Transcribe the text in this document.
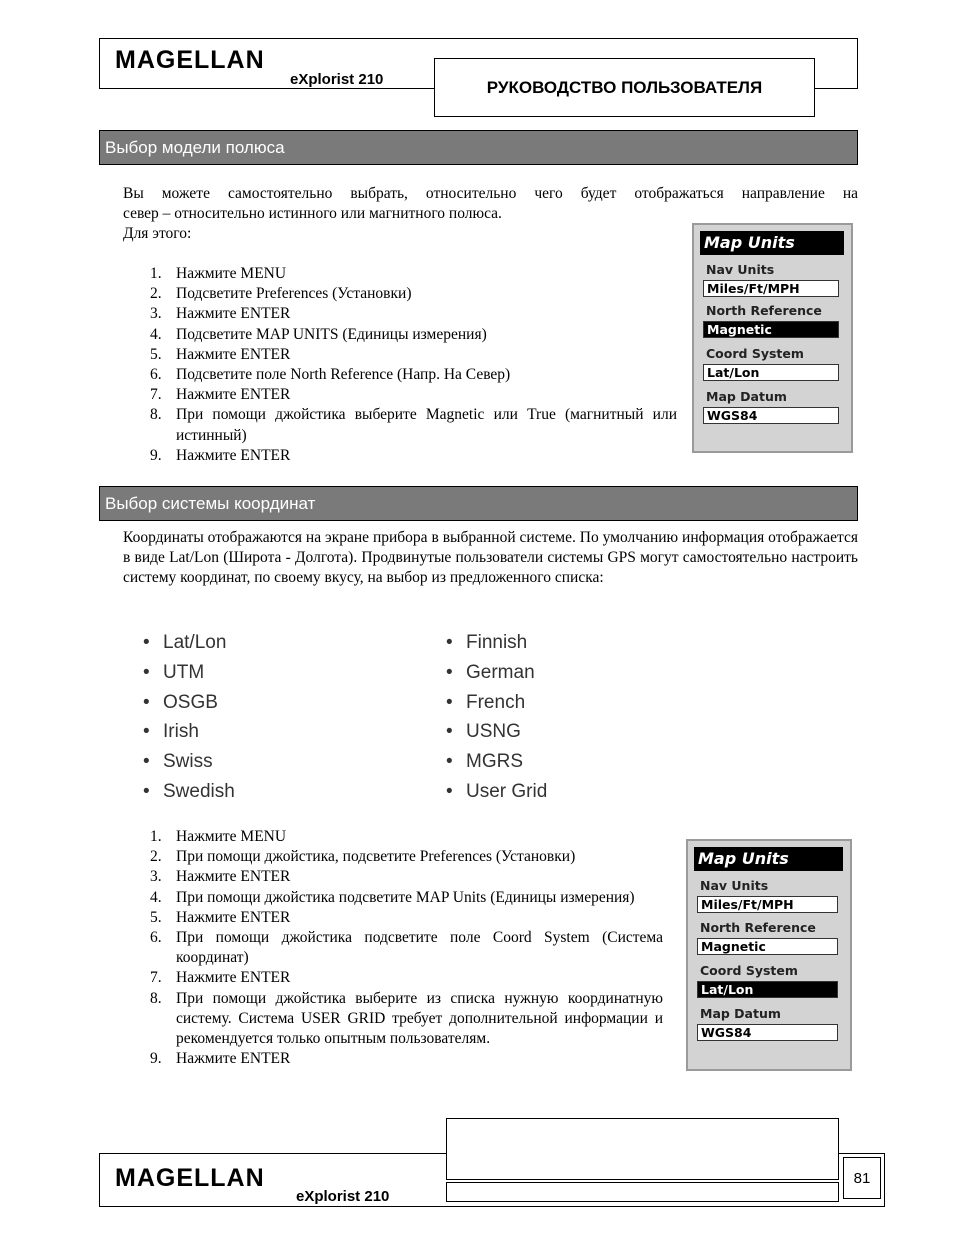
MAGELLAN
eXplorist 210	РУКОВОДСТВО ПОЛЬЗОВАТЕЛЯ
Выбор модели полюса
Вы можете самостоятельно выбрать, относительно чего будет отображаться направление на
север – относительно истинного или магнитного полюса.
Для этого:
1. Нажмите MENU
2. Подсветите Preferences (Установки)
3. Нажмите ENTER
4. Подсветите MAP UNITS (Единицы измерения)
5. Нажмите ENTER
6. Подсветите поле North Reference (Напр. На Север)
7. Нажмите ENTER
8. При помощи джойстика выберите Magnetic или True (магнитный или истинный)
9. Нажмите ENTER
Map Units
Nav Units
Miles/Ft/MPH
North Reference
Magnetic
Coord System
Lat/Lon
Map Datum
WGS84
Выбор системы координат
Координаты отображаются на экране прибора в выбранной системе. По умолчанию информация отображается в виде Lat/Lon (Широта - Долгота). Продвинутые пользователи системы GPS могут самостоятельно настроить систему координат, по своему вкусу, на выбор из предложенного списка:
• Lat/Lon
• UTM
• OSGB
• Irish
• Swiss
• Swedish
• Finnish
• German
• French
• USNG
• MGRS
• User Grid
1. Нажмите MENU
2. При помощи джойстика, подсветите Preferences (Установки)
3. Нажмите ENTER
4. При помощи джойстика подсветите MAP Units (Единицы измерения)
5. Нажмите ENTER
6. При помощи джойстика подсветите поле Coord System (Система координат)
7. Нажмите ENTER
8. При помощи джойстика выберите из списка нужную координатную систему. Система USER GRID требует дополнительной информации и рекомендуется только опытным пользователям.
9. Нажмите ENTER
Map Units
Nav Units
Miles/Ft/MPH
North Reference
Magnetic
Coord System
Lat/Lon
Map Datum
WGS84
MAGELLAN
eXplorist 210
81
